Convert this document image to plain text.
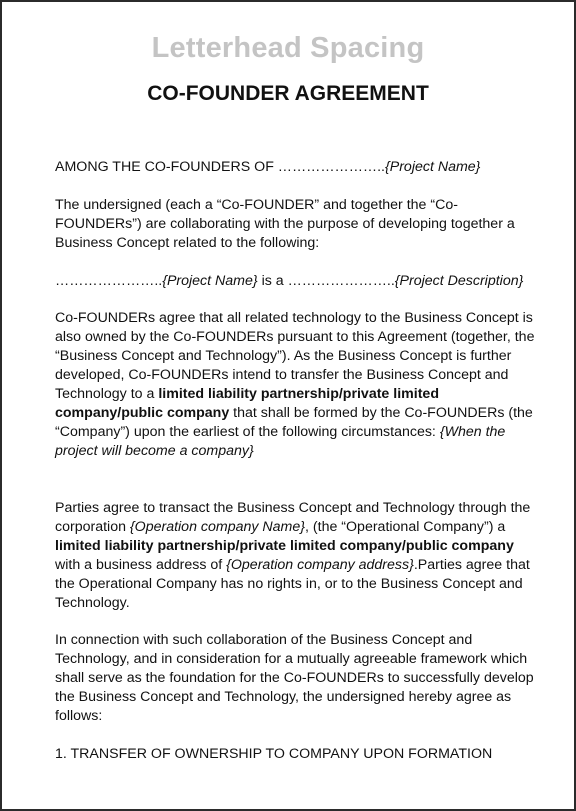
Letterhead Spacing
CO-FOUNDER AGREEMENT

AMONG THE CO-FOUNDERS OF …………………..{Project Name}

The undersigned (each a “Co-FOUNDER” and together the “Co-FOUNDERs”) are collaborating with the purpose of developing together a Business Concept related to the following:

…………………..{Project Name} is a …………………..{Project Description}

Co-FOUNDERs agree that all related technology to the Business Concept is also owned by the Co-FOUNDERs pursuant to this Agreement (together, the “Business Concept and Technology”). As the Business Concept is further developed, Co-FOUNDERs intend to transfer the Business Concept and Technology to a limited liability partnership/private limited company/public company that shall be formed by the Co-FOUNDERs (the “Company”) upon the earliest of the following circumstances: {When the project will become a company}

Parties agree to transact the Business Concept and Technology through the corporation {Operation company Name}, (the “Operational Company”) a limited liability partnership/private limited company/public company with a business address of {Operation company address}.Parties agree that the Operational Company has no rights in, or to the Business Concept and Technology.

In connection with such collaboration of the Business Concept and Technology, and in consideration for a mutually agreeable framework which shall serve as the foundation for the Co-FOUNDERs to successfully develop the Business Concept and Technology, the undersigned hereby agree as follows:

1. TRANSFER OF OWNERSHIP TO COMPANY UPON FORMATION
